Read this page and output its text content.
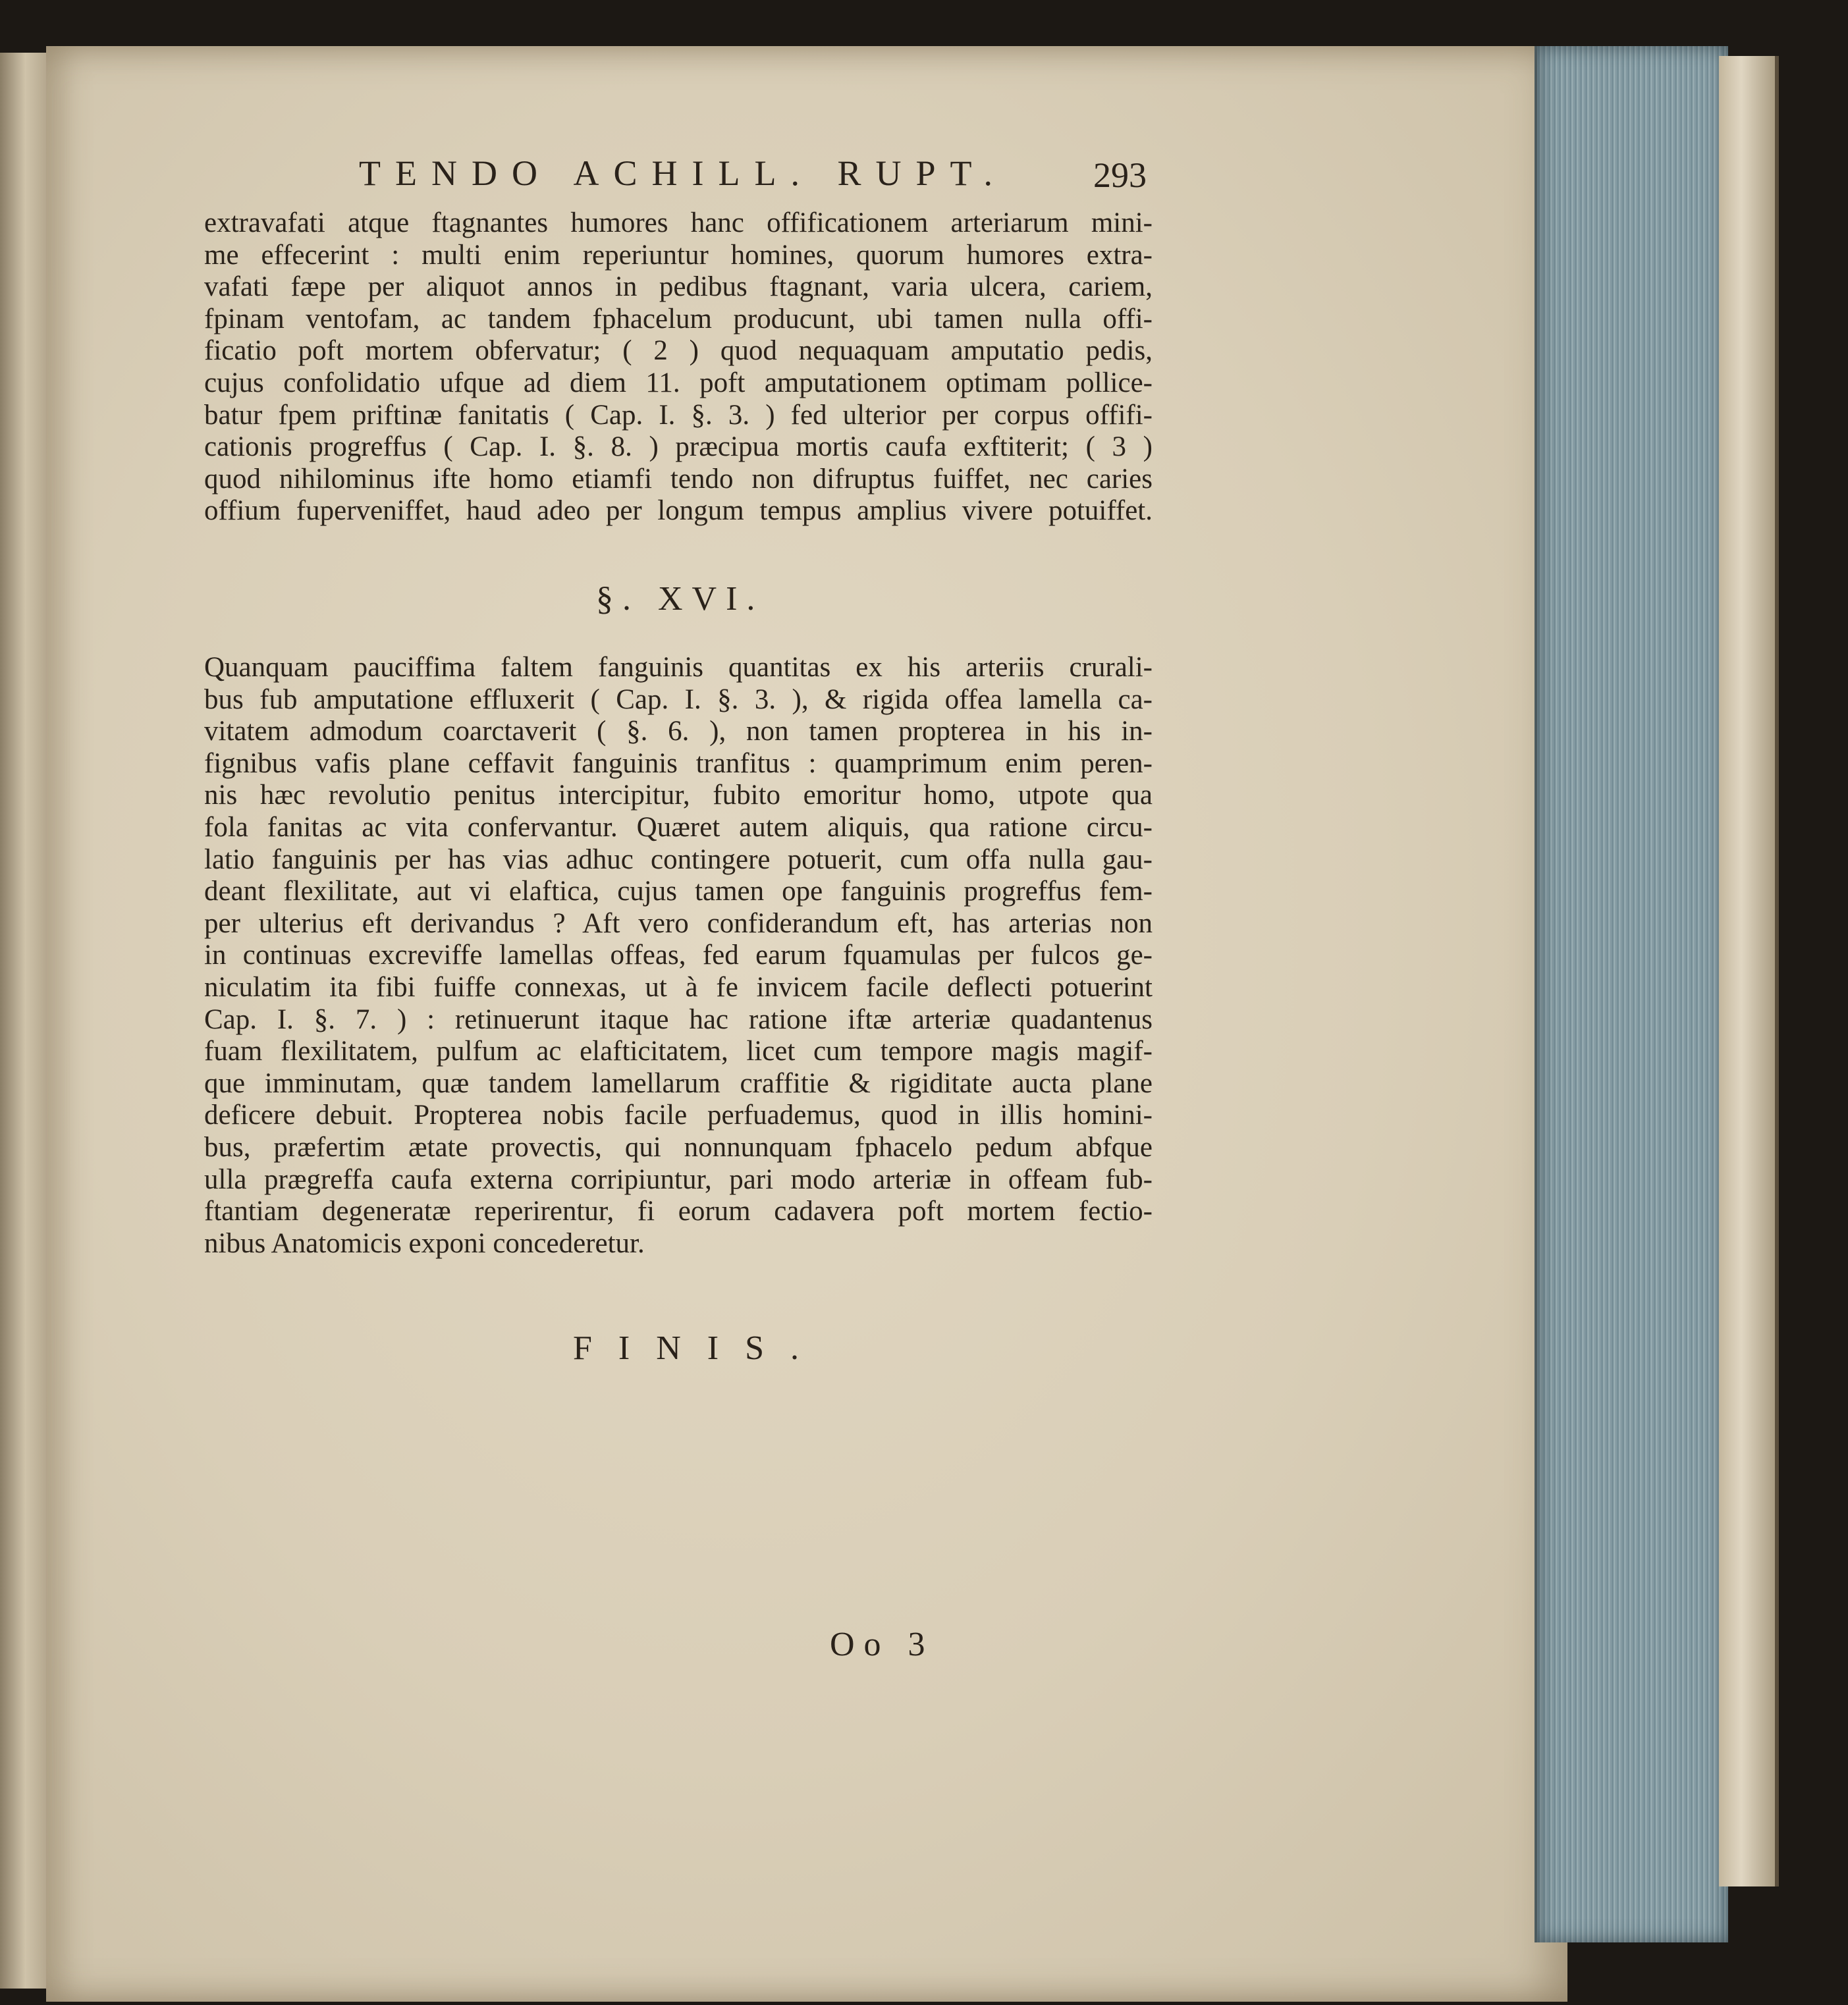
TENDO ACHILL. RUPT. 293
extravafati atque ftagnantes humores hanc offificationem arteriarum mini-
me effecerint : multi enim reperiuntur homines, quorum humores extra-
vafati fæpe per aliquot annos in pedibus ftagnant, varia ulcera, cariem,
fpinam ventofam, ac tandem fphacelum producunt, ubi tamen nulla offi-
ficatio poft mortem obfervatur; ( 2 ) quod nequaquam amputatio pedis,
cujus confolidatio ufque ad diem 11. poft amputationem optimam pollice-
batur fpem priftinæ fanitatis ( Cap. I. §. 3. ) fed ulterior per corpus offifi-
cationis progreffus ( Cap. I. §. 8. ) præcipua mortis caufa exftiterit; ( 3 )
quod nihilominus ifte homo etiamfi tendo non difruptus fuiffet, nec caries
offium fuperveniffet, haud adeo per longum tempus amplius vivere potuiffet.
§. XVI.
Quanquam pauciffima faltem fanguinis quantitas ex his arteriis crurali-
bus fub amputatione effluxerit ( Cap. I. §. 3. ), & rigida offea lamella ca-
vitatem admodum coarctaverit ( §. 6. ), non tamen propterea in his in-
fignibus vafis plane ceffavit fanguinis tranfitus : quamprimum enim peren-
nis hæc revolutio penitus intercipitur, fubito emoritur homo, utpote qua
fola fanitas ac vita confervantur. Quæret autem aliquis, qua ratione circu-
latio fanguinis per has vias adhuc contingere potuerit, cum offa nulla gau-
deant flexilitate, aut vi elaftica, cujus tamen ope fanguinis progreffus fem-
per ulterius eft derivandus ? Aft vero confiderandum eft, has arterias non
in continuas excreviffe lamellas offeas, fed earum fquamulas per fulcos ge-
niculatim ita fibi fuiffe connexas, ut à fe invicem facile deflecti potuerint
Cap. I. §. 7. ) : retinuerunt itaque hac ratione iftæ arteriæ quadantenus
fuam flexilitatem, pulfum ac elafticitatem, licet cum tempore magis magif-
que imminutam, quæ tandem lamellarum craffitie & rigiditate aucta plane
deficere debuit. Propterea nobis facile perfuademus, quod in illis homini-
bus, præfertim ætate provectis, qui nonnunquam fphacelo pedum abfque
ulla prægreffa caufa externa corripiuntur, pari modo arteriæ in offeam fub-
ftantiam degeneratæ reperirentur, fi eorum cadavera poft mortem fectio-
nibus Anatomicis exponi concederetur.
FINIS.
Oo 3
